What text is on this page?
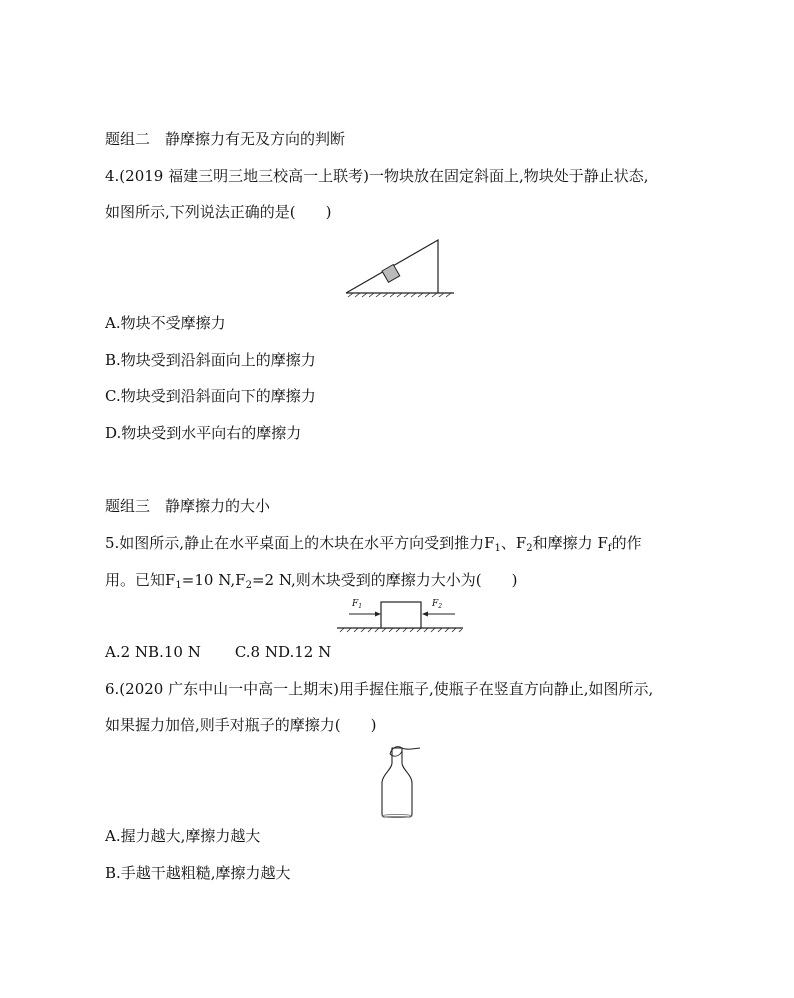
题组二　静摩擦力有无及方向的判断
4.(2019 福建三明三地三校高一上联考)一物块放在固定斜面上,物块处于静止状态,
如图所示,下列说法正确的是(　　)
A.物块不受摩擦力
B.物块受到沿斜面向上的摩擦力
C.物块受到沿斜面向下的摩擦力
D.物块受到水平向右的摩擦力
题组三　静摩擦力的大小
5.如图所示,静止在水平桌面上的木块在水平方向受到推力$F_1$、$F_2$和摩擦力 $F_f$的作
用。已知$F_1=10$ $N,F_2=2$ N,则木块受到的摩擦力大小为(　　)
$F_1$	$F_2$
A.2 NB.10 N C.8 ND.12 N
6.(2020 广东中山一中高一上期末)用手握住瓶子,使瓶子在竖直方向静止,如图所示,
如果握力加倍,则手对瓶子的摩擦力(　　)
A.握力越大,摩擦力越大
B.手越干越粗糙,摩擦力越大
